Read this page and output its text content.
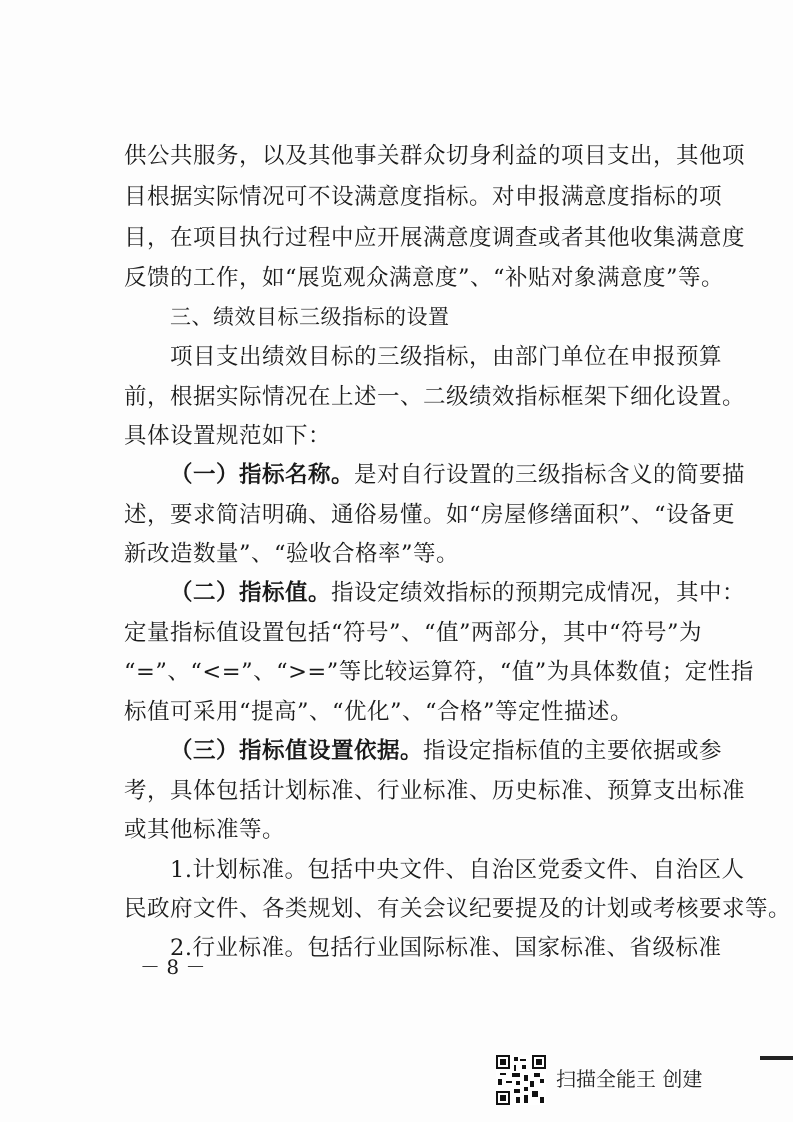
供公共服务，以及其他事关群众切身利益的项目支出，其他项
目根据实际情况可不设满意度指标。对申报满意度指标的项
目，在项目执行过程中应开展满意度调查或者其他收集满意度
反馈的工作，如“展览观众满意度”、“补贴对象满意度”等。
三、绩效目标三级指标的设置
项目支出绩效目标的三级指标，由部门单位在申报预算
前，根据实际情况在上述一、二级绩效指标框架下细化设置。
具体设置规范如下：
（一）指标名称。是对自行设置的三级指标含义的简要描
述，要求简洁明确、通俗易懂。如“房屋修缮面积”、“设备更
新改造数量”、“验收合格率”等。
（二）指标值。指设定绩效指标的预期完成情况，其中：
定量指标值设置包括“符号”、“值”两部分，其中“符号”为
“=”、“<=”、“>=”等比较运算符，“值”为具体数值；定性指
标值可采用“提高”、“优化”、“合格”等定性描述。
（三）指标值设置依据。指设定指标值的主要依据或参
考，具体包括计划标准、行业标准、历史标准、预算支出标准
或其他标准等。
1.计划标准。包括中央文件、自治区党委文件、自治区人
民政府文件、各类规划、有关会议纪要提及的计划或考核要求等。
2.行业标准。包括行业国际标准、国家标准、省级标准
－ 8 －
扫描全能王 创建
